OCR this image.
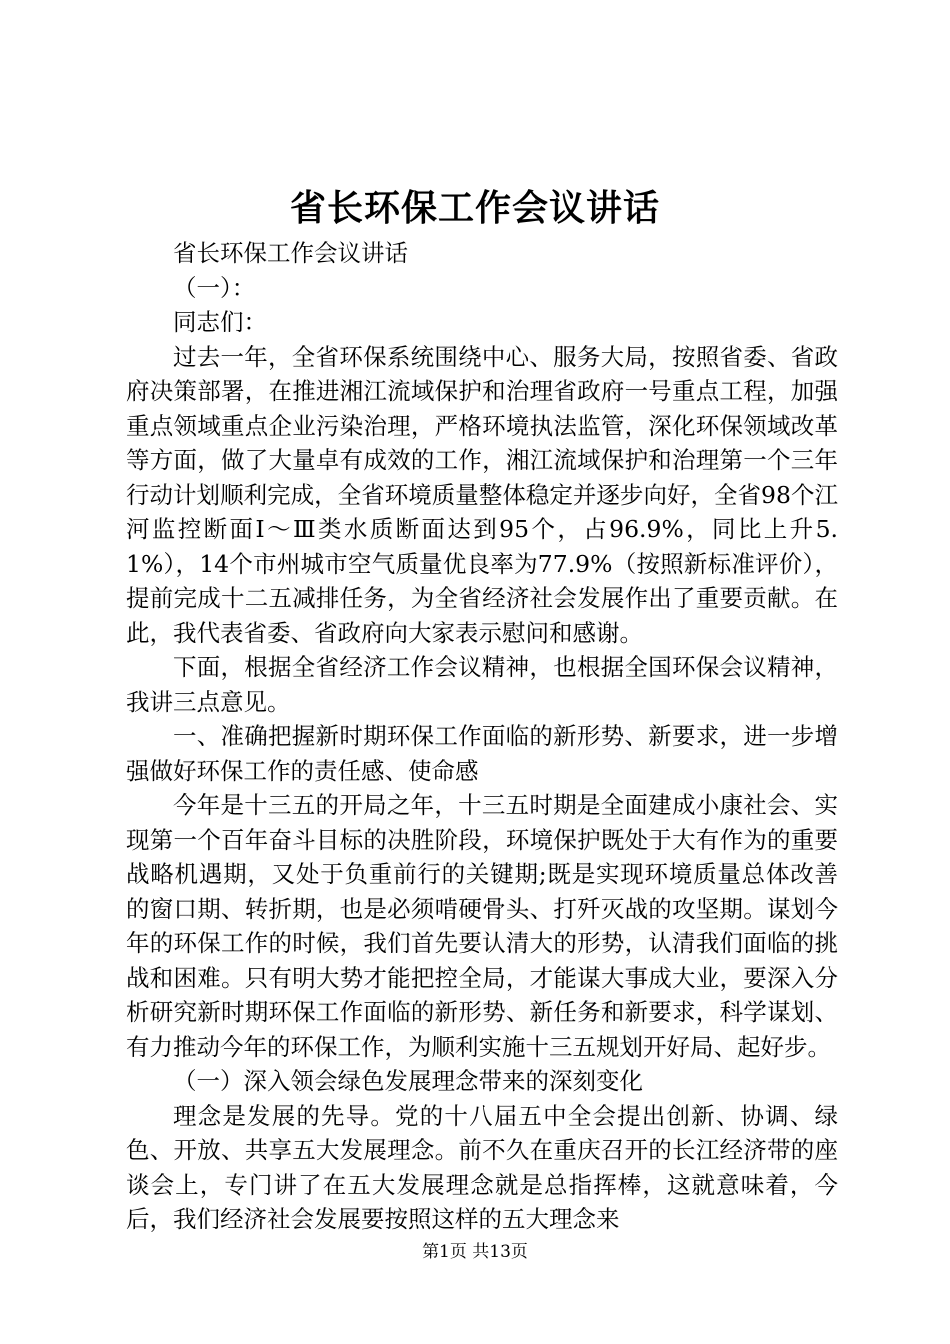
省长环保工作会议讲话

省长环保工作会议讲话

（一）：

同志们：

过去一年，全省环保系统围绕中心、服务大局，按照省委、省政府决策部署，在推进湘江流域保护和治理省政府一号重点工程，加强重点领域重点企业污染治理，严格环境执法监管，深化环保领域改革等方面，做了大量卓有成效的工作，湘江流域保护和治理第一个三年行动计划顺利完成，全省环境质量整体稳定并逐步向好，全省98个江河监控断面Ⅰ～Ⅲ类水质断面达到95个，占96.9%，同比上升5.1%），14个市州城市空气质量优良率为77.9%（按照新标准评价），提前完成十二五减排任务，为全省经济社会发展作出了重要贡献。在此，我代表省委、省政府向大家表示慰问和感谢。

下面，根据全省经济工作会议精神，也根据全国环保会议精神，我讲三点意见。

一、准确把握新时期环保工作面临的新形势、新要求，进一步增强做好环保工作的责任感、使命感

今年是十三五的开局之年，十三五时期是全面建成小康社会、实现第一个百年奋斗目标的决胜阶段，环境保护既处于大有作为的重要战略机遇期，又处于负重前行的关键期;既是实现环境质量总体改善的窗口期、转折期，也是必须啃硬骨头、打歼灭战的攻坚期。谋划今年的环保工作的时候，我们首先要认清大的形势，认清我们面临的挑战和困难。只有明大势才能把控全局，才能谋大事成大业，要深入分析研究新时期环保工作面临的新形势、新任务和新要求，科学谋划、有力推动今年的环保工作，为顺利实施十三五规划开好局、起好步。

（一）深入领会绿色发展理念带来的深刻变化

理念是发展的先导。党的十八届五中全会提出创新、协调、绿色、开放、共享五大发展理念。前不久在重庆召开的长江经济带的座谈会上，专门讲了在五大发展理念就是总指挥棒，这就意味着，今后，我们经济社会发展要按照这样的五大理念来

第1页 共13页
